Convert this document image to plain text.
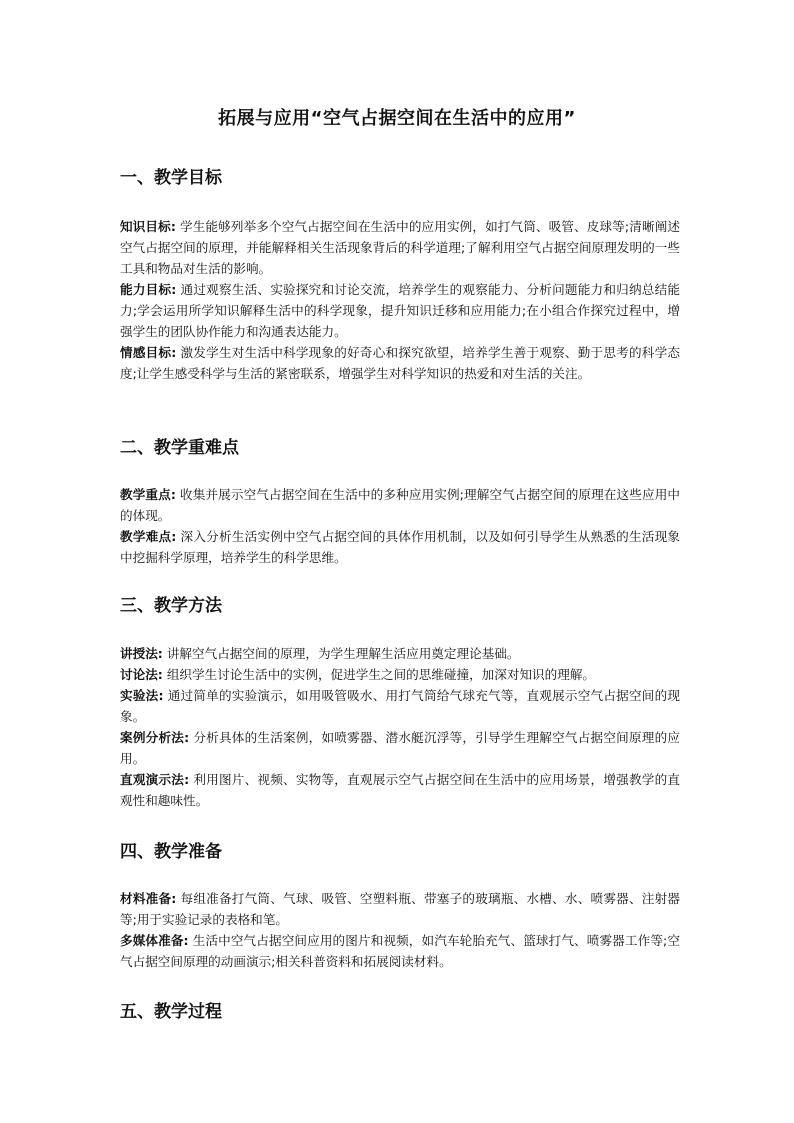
拓展与应用“空气占据空间在生活中的应用”

一、教学目标

知识目标: 学生能够列举多个空气占据空间在生活中的应用实例，如打气筒、吸管、皮球等;清晰阐述空气占据空间的原理，并能解释相关生活现象背后的科学道理;了解利用空气占据空间原理发明的一些工具和物品对生活的影响。

能力目标: 通过观察生活、实验探究和讨论交流，培养学生的观察能力、分析问题能力和归纳总结能力;学会运用所学知识解释生活中的科学现象，提升知识迁移和应用能力;在小组合作探究过程中，增强学生的团队协作能力和沟通表达能力。

情感目标: 激发学生对生活中科学现象的好奇心和探究欲望，培养学生善于观察、勤于思考的科学态度;让学生感受科学与生活的紧密联系，增强学生对科学知识的热爱和对生活的关注。

二、教学重难点

教学重点: 收集并展示空气占据空间在生活中的多种应用实例;理解空气占据空间的原理在这些应用中的体现。

教学难点: 深入分析生活实例中空气占据空间的具体作用机制，以及如何引导学生从熟悉的生活现象中挖掘科学原理，培养学生的科学思维。

三、教学方法

讲授法: 讲解空气占据空间的原理，为学生理解生活应用奠定理论基础。

讨论法: 组织学生讨论生活中的实例，促进学生之间的思维碰撞，加深对知识的理解。

实验法: 通过简单的实验演示，如用吸管吸水、用打气筒给气球充气等，直观展示空气占据空间的现象。

案例分析法: 分析具体的生活案例，如喷雾器、潜水艇沉浮等，引导学生理解空气占据空间原理的应用。

直观演示法: 利用图片、视频、实物等，直观展示空气占据空间在生活中的应用场景，增强教学的直观性和趣味性。

四、教学准备

材料准备: 每组准备打气筒、气球、吸管、空塑料瓶、带塞子的玻璃瓶、水槽、水、喷雾器、注射器等;用于实验记录的表格和笔。

多媒体准备: 生活中空气占据空间应用的图片和视频，如汽车轮胎充气、篮球打气、喷雾器工作等;空气占据空间原理的动画演示;相关科普资料和拓展阅读材料。

五、教学过程
